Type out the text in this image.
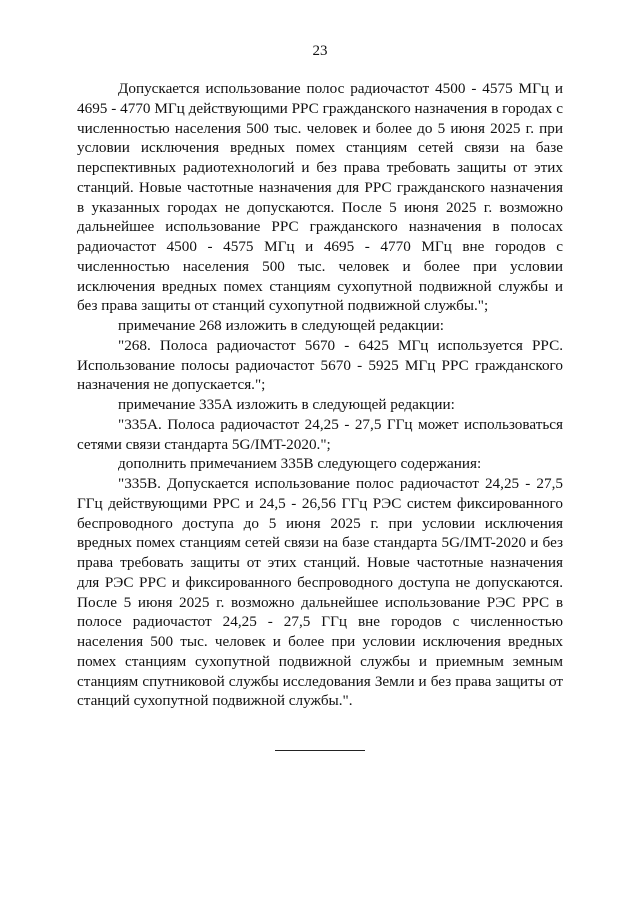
23

Допускается использование полос радиочастот 4500 - 4575 МГц и 4695 - 4770 МГц действующими РРС гражданского назначения в городах с численностью населения 500 тыс. человек и более до 5 июня 2025 г. при условии исключения вредных помех станциям сетей связи на базе перспективных радиотехнологий и без права требовать защиты от этих станций. Новые частотные назначения для РРС гражданского назначения в указанных городах не допускаются. После 5 июня 2025 г. возможно дальнейшее использование РРС гражданского назначения в полосах радиочастот 4500 - 4575 МГц и 4695 - 4770 МГц вне городов с численностью населения 500 тыс. человек и более при условии исключения вредных помех станциям сухопутной подвижной службы и без права защиты от станций сухопутной подвижной службы.";

примечание 268 изложить в следующей редакции:

"268. Полоса радиочастот 5670 - 6425 МГц используется РРС. Использование полосы радиочастот 5670 - 5925 МГц РРС гражданского назначения не допускается.";

примечание 335А изложить в следующей редакции:

"335А. Полоса радиочастот 24,25 - 27,5 ГГц может использоваться сетями связи стандарта 5G/IMT-2020.";

дополнить примечанием 335В следующего содержания:

"335В. Допускается использование полос радиочастот 24,25 - 27,5 ГГц действующими РРС и 24,5 - 26,56 ГГц РЭС систем фиксированного беспроводного доступа до 5 июня 2025 г. при условии исключения вредных помех станциям сетей связи на базе стандарта 5G/IMT-2020 и без права требовать защиты от этих станций. Новые частотные назначения для РЭС РРС и фиксированного беспроводного доступа не допускаются. После 5 июня 2025 г. возможно дальнейшее использование РЭС РРС в полосе радиочастот 24,25 - 27,5 ГГц вне городов с численностью населения 500 тыс. человек и более при условии исключения вредных помех станциям сухопутной подвижной службы и приемным земным станциям спутниковой службы исследования Земли и без права защиты от станций сухопутной подвижной службы.".
